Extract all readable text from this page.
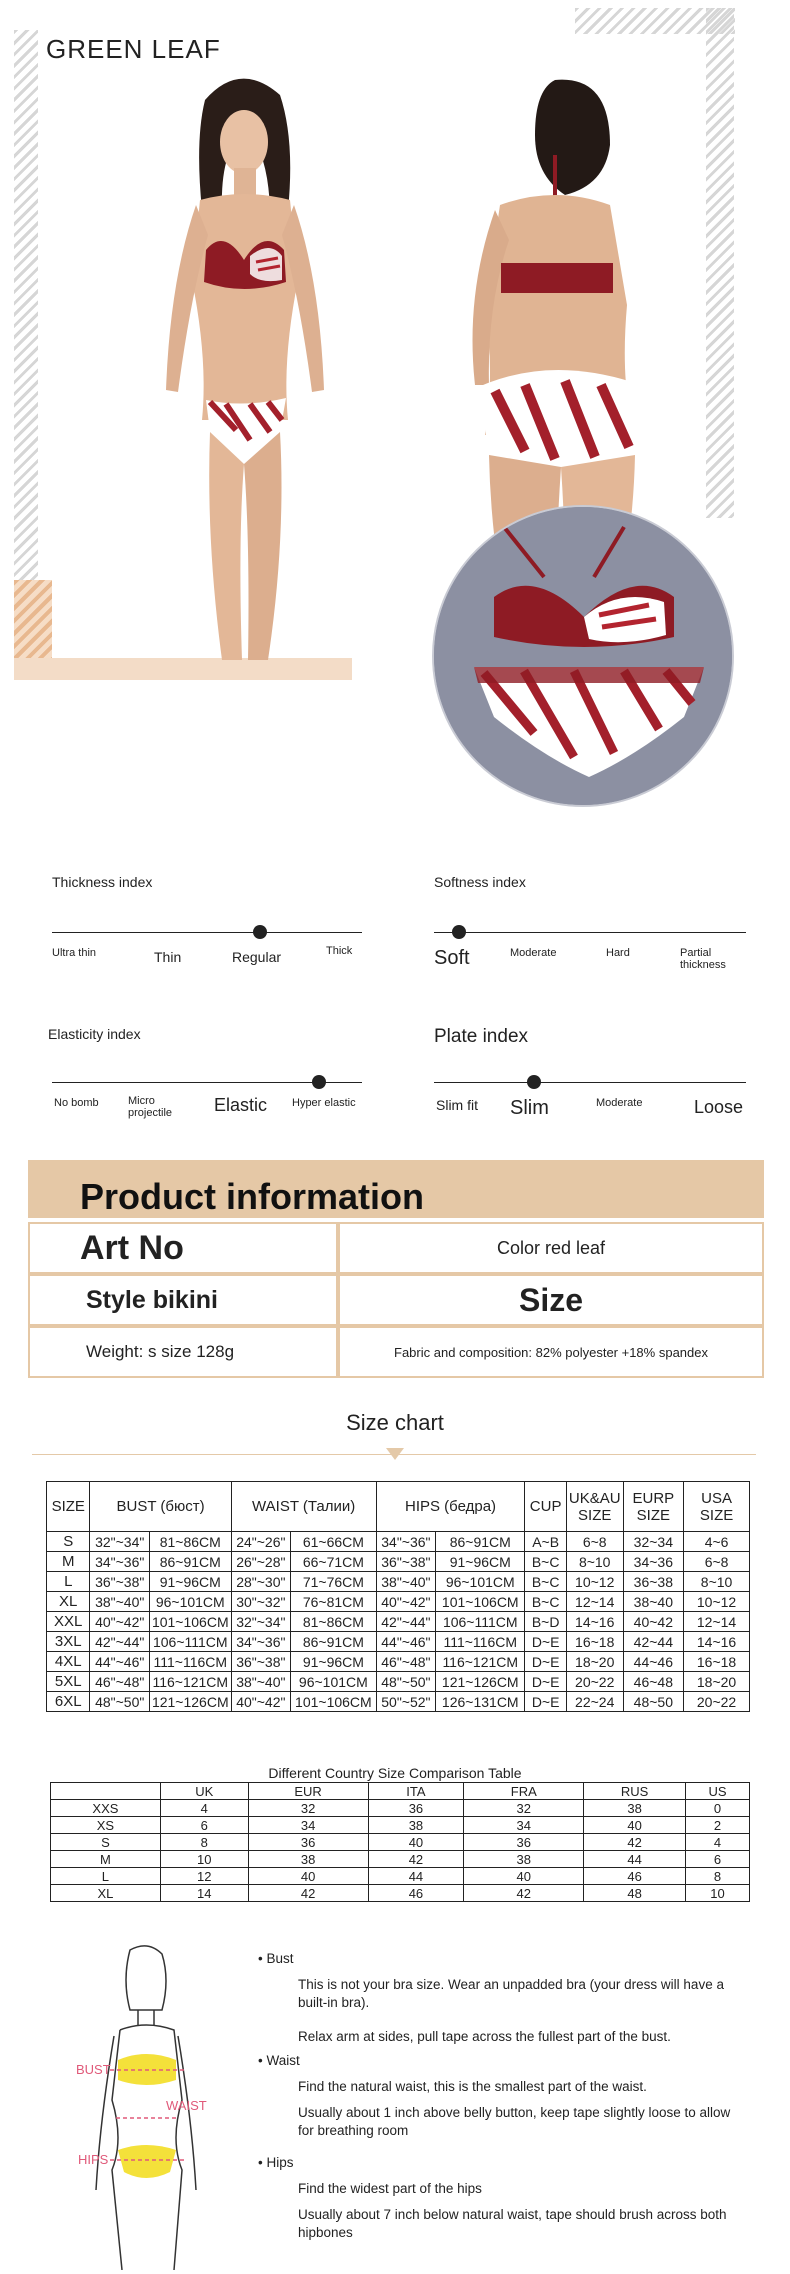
GREEN LEAF
Thickness index
Ultra thin	Thin	Regular	Thick
Softness index
Soft	Moderate	Hard	Partial thickness
Elasticity index
No bomb	Micro projectile	Elastic Hyper elastic
Plate index
Slim fit Slim	Moderate	Loose
Product information
Art No	Color red leaf
Style bikini	Size
Weight: s size 128g	Fabric and composition: 82% polyester +18% spandex
Size chart
SIZE	BUST (бюст)		WAIST (Талии)		HIPS (бедра)		CUP	UK&AU SIZE	EURP SIZE	USA SIZE
S	32"~34"	81~86CM	24"~26"	61~66CM	34"~36"	86~91CM	A~B	6~8	32~34	4~6
M	34"~36"	86~91CM	26"~28"	66~71CM	36"~38"	91~96CM	B~C	8~10	34~36	6~8
L	36"~38"	91~96CM	28"~30"	71~76CM	38"~40"	96~101CM	B~C	10~12	36~38	8~10
XL	38"~40"	96~101CM	30"~32"	76~81CM	40"~42"	101~106CM	B~C	12~14	38~40	10~12
XXL	40"~42"	101~106CM	32"~34"	81~86CM	42"~44"	106~111CM	B~D	14~16	40~42	12~14
3XL	42"~44"	106~111CM	34"~36"	86~91CM	44"~46"	111~116CM	D~E	16~18	42~44	14~16
4XL	44"~46"	111~116CM	36"~38"	91~96CM	46"~48"	116~121CM	D~E	18~20	44~46	16~18
5XL	46"~48"	116~121CM	38"~40"	96~101CM	48"~50"	121~126CM	D~E	20~22	46~48	18~20
6XL	48"~50"	121~126CM	40"~42"	101~106CM	50"~52"	126~131CM	D~E	22~24	48~50	20~22
Different Country Size Comparison Table
	UK	EUR	ITA	FRA	RUS	US
XXS	4	32	36	32	38	0
XS	6	34	38	34	40	2
S	8	36	40	36	42	4
M	10	38	42	38	44	6
L	12	40	44	40	46	8
XL	14	42	46	42	48	10
BUST
WAIST
HIPS
• Bust
This is not your bra size. Wear an unpadded bra (your dress will have a built-in bra).
Relax arm at sides, pull tape across the fullest part of the bust.
• Waist
Find the natural waist, this is the smallest part of the waist.
Usually about 1 inch above belly button, keep tape slightly loose to allow for breathing room
• Hips
Find the widest part of the hips
Usually about 7 inch below natural waist, tape should brush across both hipbones
